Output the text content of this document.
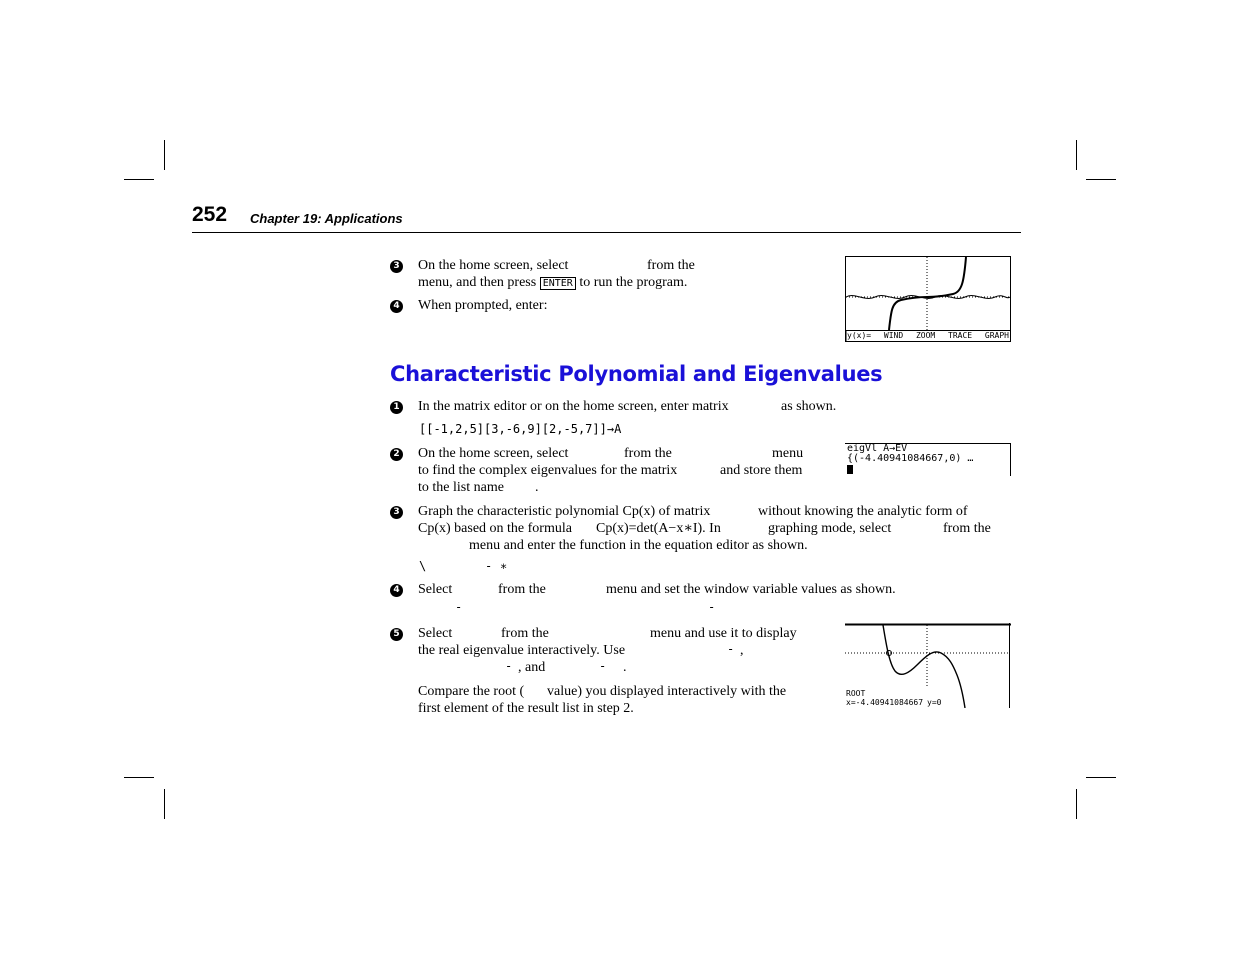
252 Chapter 19: Applications
3 On the home screen, select	from the
menu, and then press ENTER to run the program.
4 When prompted, enter:
y(x)= WIND ZOOM TRACE GRAPH
Characteristic Polynomial and Eigenvalues
1 In the matrix editor or on the home screen, enter matrix	as shown.
[[-1,2,5][3,-6,9][2,-5,7]]→A
2 On the home screen, select	from the	menu
to find the complex eigenvalues for the matrix	and store them
to the list name .
eigVl A→EV
{(-4.40941084667,0) …
3 Graph the characteristic polynomial Cp(x) of matrix	without knowing the analytic form of
Cp(x) based on the formula Cp(x)=det(A−x∗I). In	graphing mode, select	from the
menu and enter the function in the equation editor as shown.
\	- ∗
4 Select	from the	menu and set the window variable values as shown.
-	-
5 Select	from the	menu and use it to display
the real eigenvalue interactively. Use	- ,
- , and	- .
Compare the root ( value) you displayed interactively with the
first element of the result list in step 2.
ROOT
x=-4.40941084667 y=0
